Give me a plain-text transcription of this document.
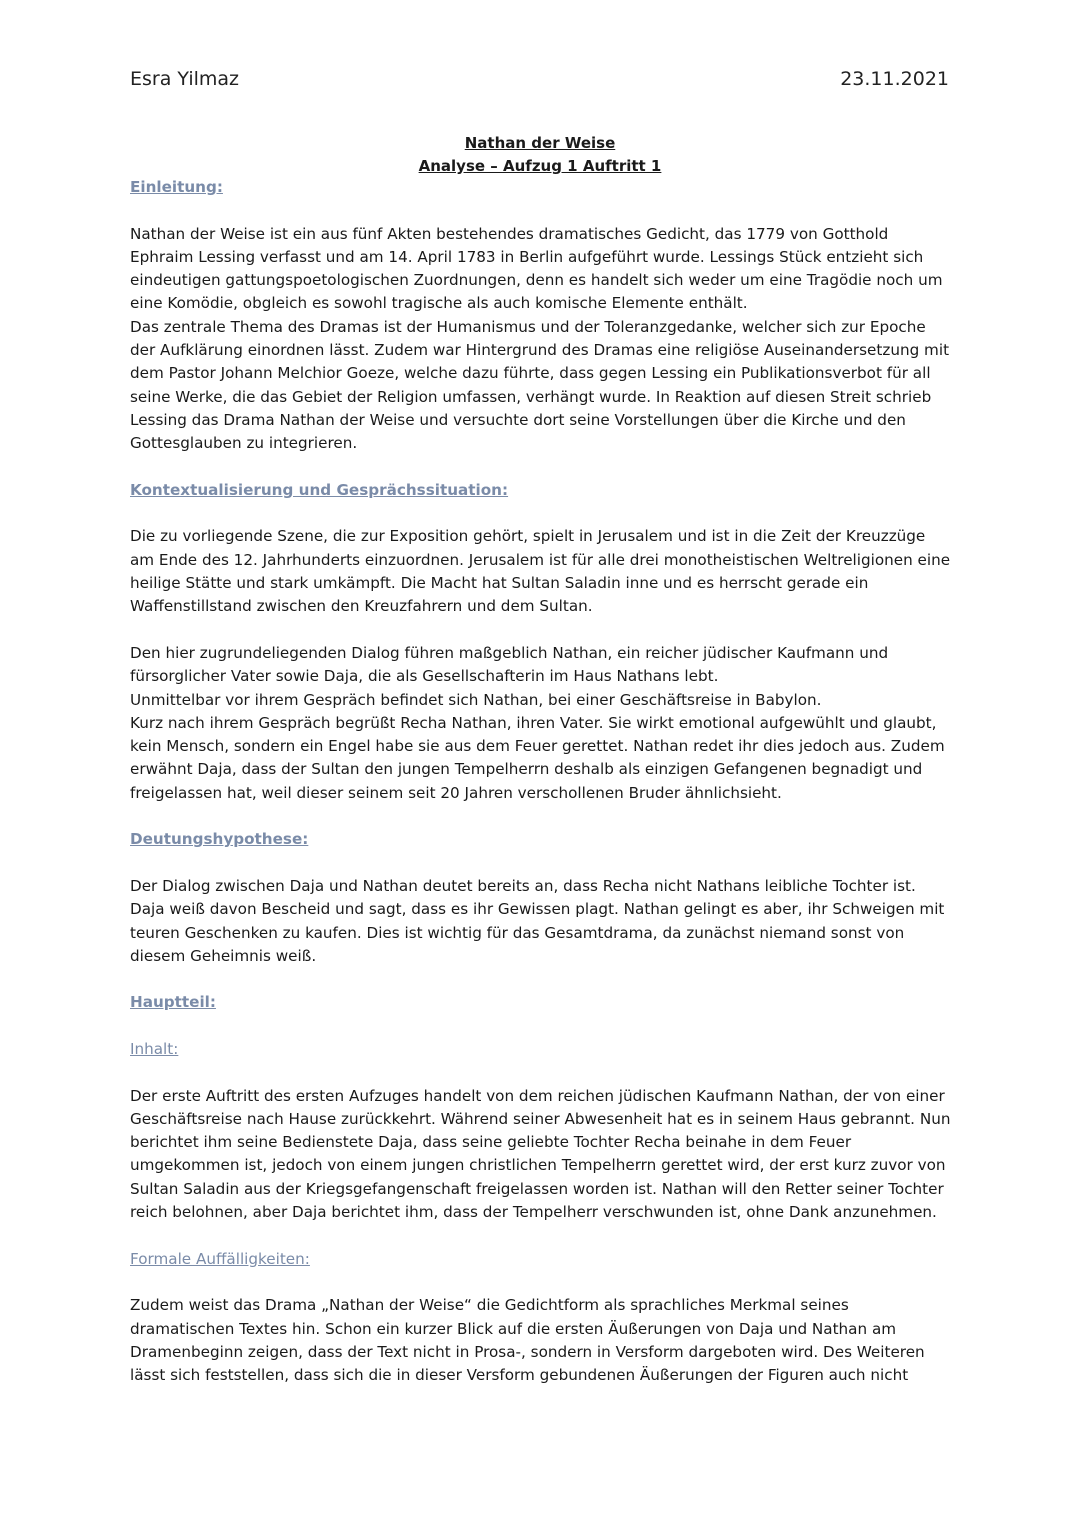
Esra Yilmaz	23.11.2021
Nathan der Weise
Analyse – Aufzug 1 Auftritt 1

Einleitung:

Nathan der Weise ist ein aus fünf Akten bestehendes dramatisches Gedicht, das 1779 von Gotthold Ephraim Lessing verfasst und am 14. April 1783 in Berlin aufgeführt wurde. Lessings Stück entzieht sich eindeutigen gattungspoetologischen Zuordnungen, denn es handelt sich weder um eine Tragödie noch um eine Komödie, obgleich es sowohl tragische als auch komische Elemente enthält.

Das zentrale Thema des Dramas ist der Humanismus und der Toleranzgedanke, welcher sich zur Epoche der Aufklärung einordnen lässt. Zudem war Hintergrund des Dramas eine religiöse Auseinandersetzung mit dem Pastor Johann Melchior Goeze, welche dazu führte, dass gegen Lessing ein Publikationsverbot für all seine Werke, die das Gebiet der Religion umfassen, verhängt wurde. In Reaktion auf diesen Streit schrieb Lessing das Drama Nathan der Weise und versuchte dort seine Vorstellungen über die Kirche und den Gottesglauben zu integrieren.

Kontextualisierung und Gesprächssituation:

Die zu vorliegende Szene, die zur Exposition gehört, spielt in Jerusalem und ist in die Zeit der Kreuzzüge am Ende des 12. Jahrhunderts einzuordnen. Jerusalem ist für alle drei monotheistischen Weltreligionen eine heilige Stätte und stark umkämpft. Die Macht hat Sultan Saladin inne und es herrscht gerade ein Waffenstillstand zwischen den Kreuzfahrern und dem Sultan.

Den hier zugrundeliegenden Dialog führen maßgeblich Nathan, ein reicher jüdischer Kaufmann und fürsorglicher Vater sowie Daja, die als Gesellschafterin im Haus Nathans lebt.

Unmittelbar vor ihrem Gespräch befindet sich Nathan, bei einer Geschäftsreise in Babylon.

Kurz nach ihrem Gespräch begrüßt Recha Nathan, ihren Vater. Sie wirkt emotional aufgewühlt und glaubt, kein Mensch, sondern ein Engel habe sie aus dem Feuer gerettet. Nathan redet ihr dies jedoch aus. Zudem erwähnt Daja, dass der Sultan den jungen Tempelherrn deshalb als einzigen Gefangenen begnadigt und freigelassen hat, weil dieser seinem seit 20 Jahren verschollenen Bruder ähnlichsieht.

Deutungshypothese:

Der Dialog zwischen Daja und Nathan deutet bereits an, dass Recha nicht Nathans leibliche Tochter ist. Daja weiß davon Bescheid und sagt, dass es ihr Gewissen plagt. Nathan gelingt es aber, ihr Schweigen mit teuren Geschenken zu kaufen. Dies ist wichtig für das Gesamtdrama, da zunächst niemand sonst von diesem Geheimnis weiß.

Hauptteil:

Inhalt:

Der erste Auftritt des ersten Aufzuges handelt von dem reichen jüdischen Kaufmann Nathan, der von einer Geschäftsreise nach Hause zurückkehrt. Während seiner Abwesenheit hat es in seinem Haus gebrannt. Nun berichtet ihm seine Bedienstete Daja, dass seine geliebte Tochter Recha beinahe in dem Feuer umgekommen ist, jedoch von einem jungen christlichen Tempelherrn gerettet wird, der erst kurz zuvor von Sultan Saladin aus der Kriegsgefangenschaft freigelassen worden ist. Nathan will den Retter seiner Tochter reich belohnen, aber Daja berichtet ihm, dass der Tempelherr verschwunden ist, ohne Dank anzunehmen.

Formale Auffälligkeiten:

Zudem weist das Drama „Nathan der Weise“ die Gedichtform als sprachliches Merkmal seines dramatischen Textes hin. Schon ein kurzer Blick auf die ersten Äußerungen von Daja und Nathan am Dramenbeginn zeigen, dass der Text nicht in Prosa-, sondern in Versform dargeboten wird. Des Weiteren lässt sich feststellen, dass sich die in dieser Versform gebundenen Äußerungen der Figuren auch nicht
